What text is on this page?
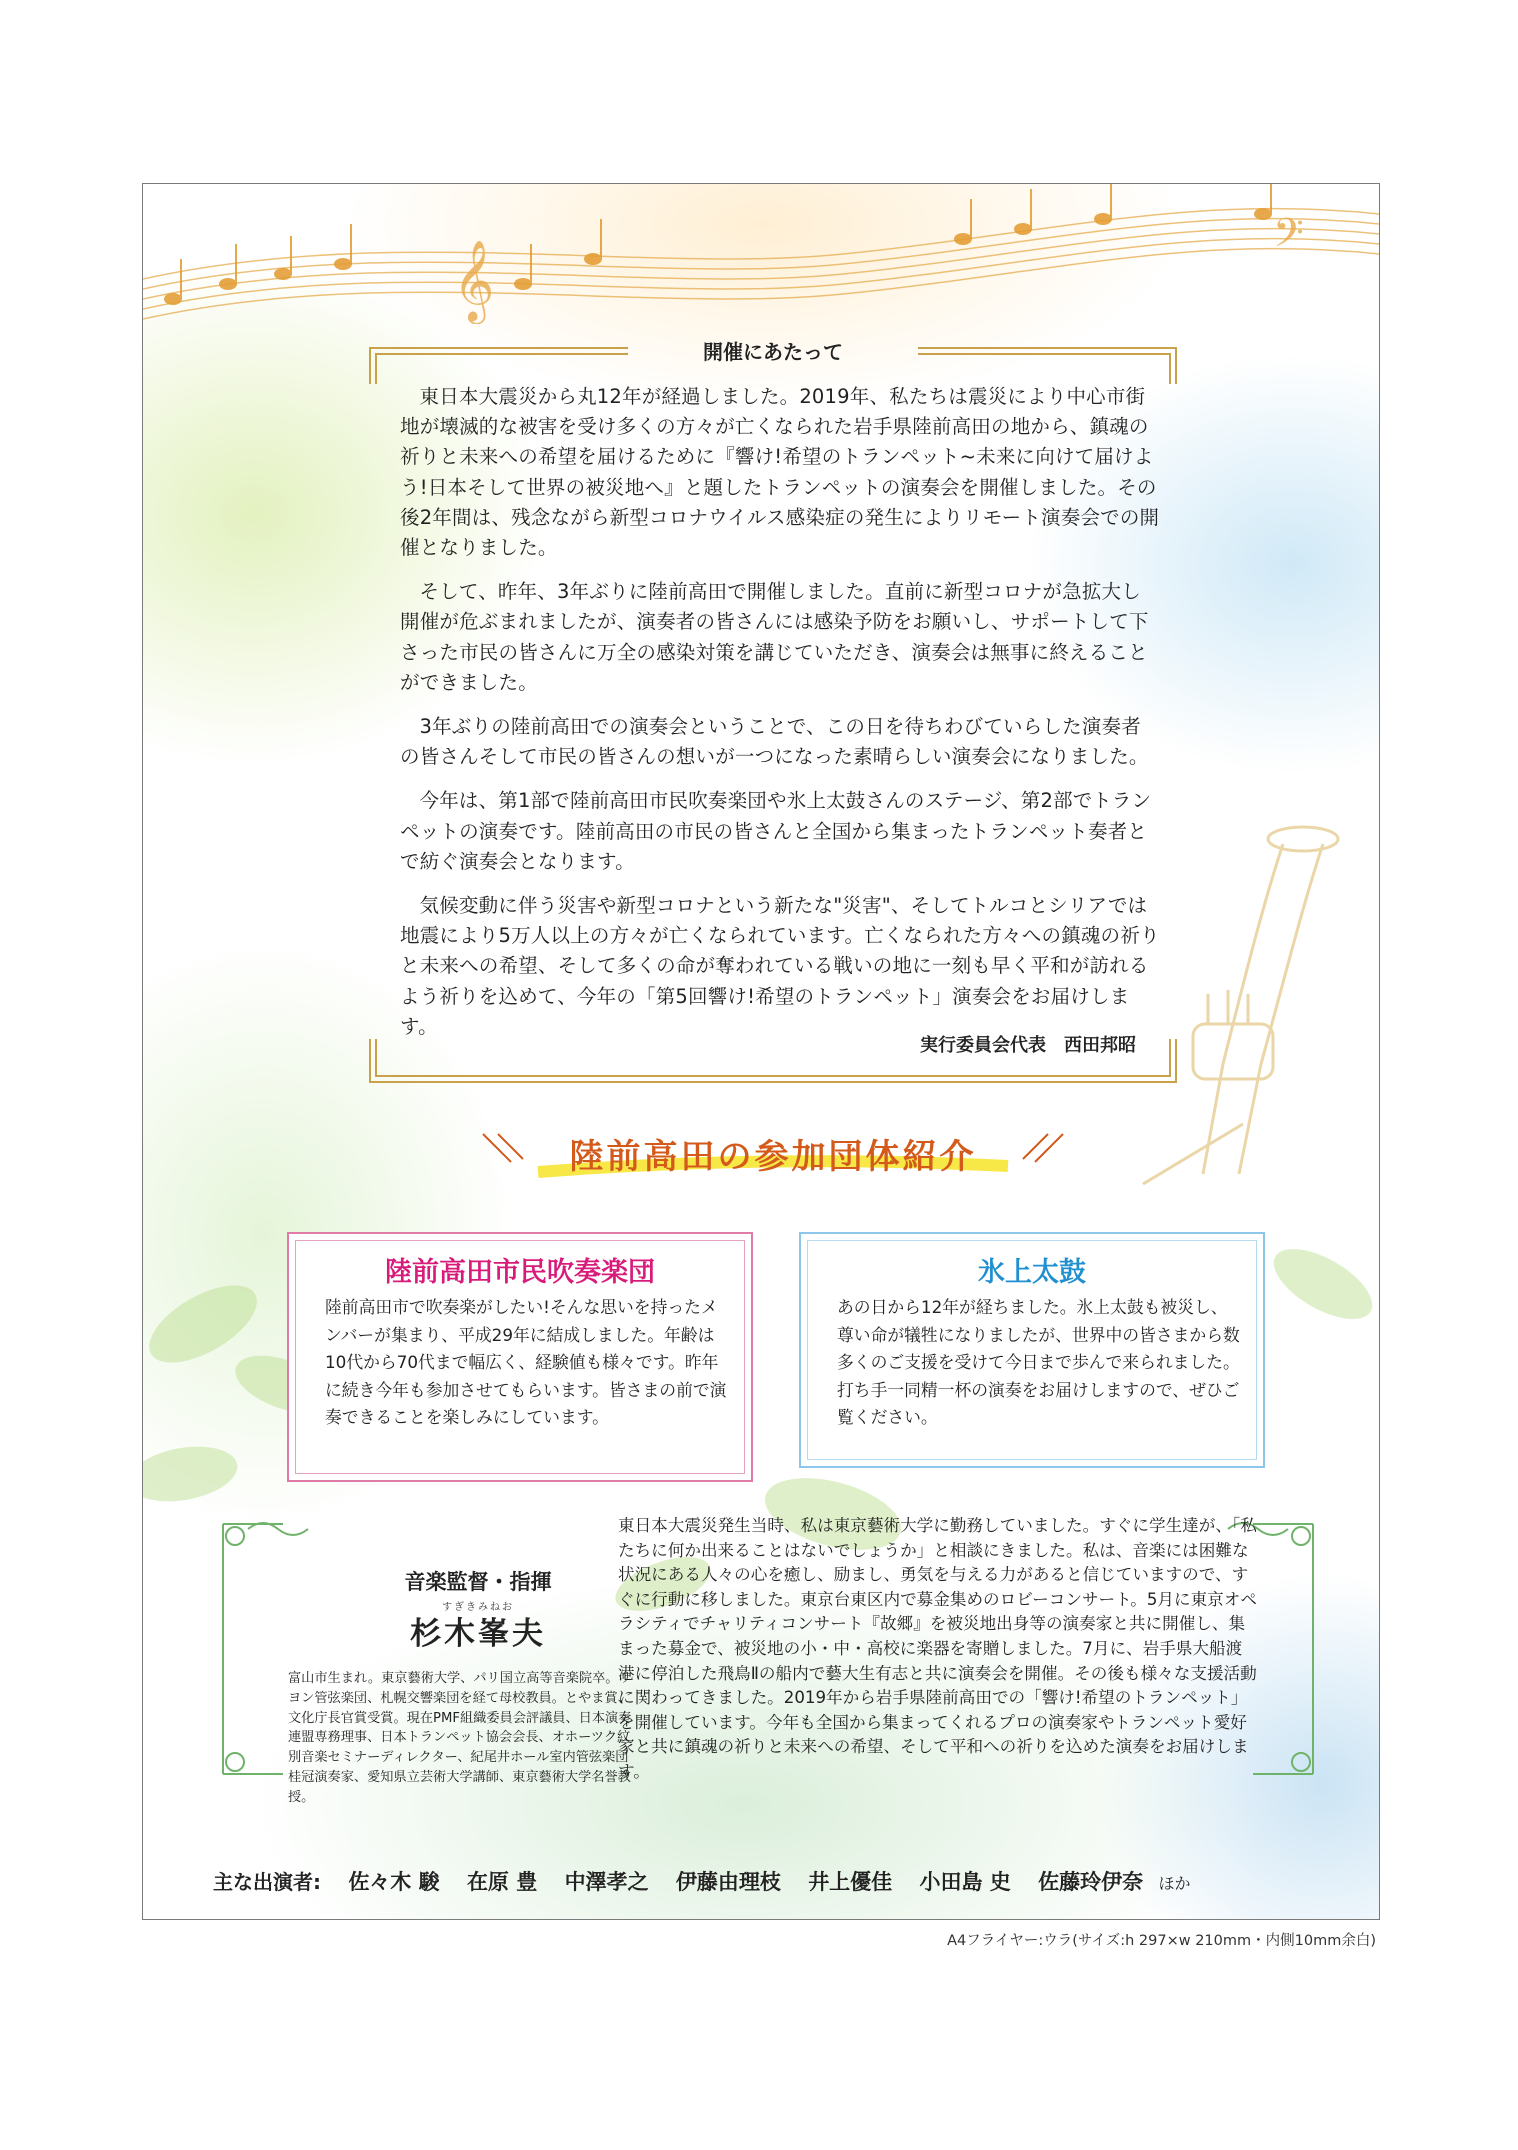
𝄞
𝄢
開催にあたって

東日本大震災から丸12年が経過しました。2019年、私たちは震災により中心市街地が壊滅的な被害を受け多くの方々が亡くなられた岩手県陸前高田の地から、鎮魂の祈りと未来への希望を届けるために『響け!希望のトランペット~未来に向けて届けよう!日本そして世界の被災地へ』と題したトランペットの演奏会を開催しました。その後2年間は、残念ながら新型コロナウイルス感染症の発生によりリモート演奏会での開催となりました。

そして、昨年、3年ぶりに陸前高田で開催しました。直前に新型コロナが急拡大し開催が危ぶまれましたが、演奏者の皆さんには感染予防をお願いし、サポートして下さった市民の皆さんに万全の感染対策を講じていただき、演奏会は無事に終えることができました。

3年ぶりの陸前高田での演奏会ということで、この日を待ちわびていらした演奏者の皆さんそして市民の皆さんの想いが一つになった素晴らしい演奏会になりました。

今年は、第1部で陸前高田市民吹奏楽団や氷上太鼓さんのステージ、第2部でトランペットの演奏です。陸前高田の市民の皆さんと全国から集まったトランペット奏者とで紡ぐ演奏会となります。

気候変動に伴う災害や新型コロナという新たな"災害"、そしてトルコとシリアでは地震により5万人以上の方々が亡くなられています。亡くなられた方々への鎮魂の祈りと未来への希望、そして多くの命が奪われている戦いの地に一刻も早く平和が訪れるよう祈りを込めて、今年の「第5回響け!希望のトランペット」演奏会をお届けします。

実行委員会代表　西田邦昭
陸前高田の参加団体紹介
陸前高田市民吹奏楽団
陸前高田市で吹奏楽がしたい!そんな思いを持ったメンバーが集まり、平成29年に結成しました。年齢は10代から70代まで幅広く、経験値も様々です。昨年に続き今年も参加させてもらいます。皆さまの前で演奏できることを楽しみにしています。
氷上太鼓
あの日から12年が経ちました。氷上太鼓も被災し、尊い命が犠牲になりましたが、世界中の皆さまから数多くのご支援を受けて今日まで歩んで来られました。打ち手一同精一杯の演奏をお届けしますので、ぜひご覧ください。
音楽監督・指揮
すぎきみねお
杉木峯夫
富山市生まれ。東京藝術大学、パリ国立高等音楽院卒。リヨン管弦楽団、札幌交響楽団を経て母校教員。とやま賞、文化庁長官賞受賞。現在PMF組織委員会評議員、日本演奏連盟専務理事、日本トランペット協会会長、オホーツク紋別音楽セミナーディレクター、紀尾井ホール室内管弦楽団桂冠演奏家、愛知県立芸術大学講師、東京藝術大学名誉教授。
東日本大震災発生当時、私は東京藝術大学に勤務していました。すぐに学生達が、「私たちに何か出来ることはないでしょうか」と相談にきました。私は、音楽には困難な状況にある人々の心を癒し、励まし、勇気を与える力があると信じていますので、すぐに行動に移しました。東京台東区内で募金集めのロビーコンサート。5月に東京オペラシティでチャリティコンサート『故郷』を被災地出身等の演奏家と共に開催し、集まった募金で、被災地の小・中・高校に楽器を寄贈しました。7月に、岩手県大船渡港に停泊した飛鳥Ⅱの船内で藝大生有志と共に演奏会を開催。その後も様々な支援活動に関わってきました。2019年から岩手県陸前高田での「響け!希望のトランペット」を開催しています。今年も全国から集まってくれるプロの演奏家やトランペット愛好家と共に鎮魂の祈りと未来への希望、そして平和への祈りを込めた演奏をお届けします。
主な出演者: 佐々木 駿 在原 豊 中澤孝之 伊藤由理枝 井上優佳 小田島 史 佐藤玲伊奈 ほか
A4フライヤー:ウラ(サイズ:h 297×w 210mm・内側10mm余白)
